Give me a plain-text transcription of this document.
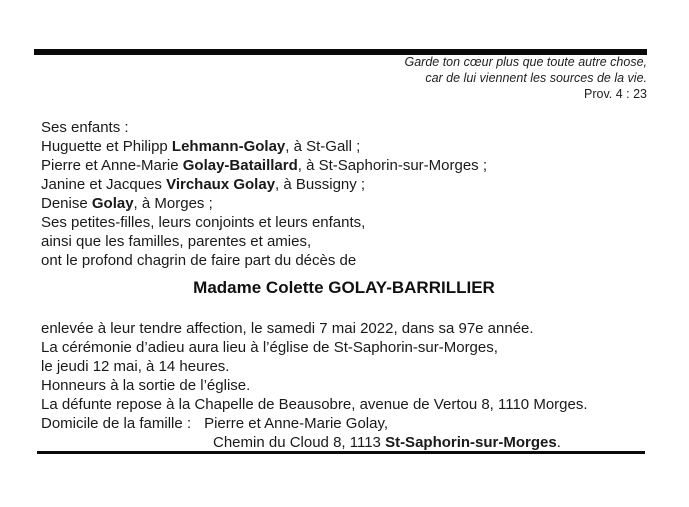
Garde ton cœur plus que toute autre chose,
car de lui viennent les sources de la vie.
Prov. 4 : 23
Ses enfants :
Huguette et Philipp Lehmann-Golay, à St-Gall ;
Pierre et Anne-Marie Golay-Bataillard, à St-Saphorin-sur-Morges ;
Janine et Jacques Virchaux Golay, à Bussigny ;
Denise Golay, à Morges ;
Ses petites-filles, leurs conjoints et leurs enfants,
ainsi que les familles, parentes et amies,
ont le profond chagrin de faire part du décès de
Madame Colette GOLAY-BARRILLIER
enlevée à leur tendre affection, le samedi 7 mai 2022, dans sa 97e année.
La cérémonie d’adieu aura lieu à l’église de St-Saphorin-sur-Morges,
le jeudi 12 mai, à 14 heures.
Honneurs à la sortie de l’église.
La défunte repose à la Chapelle de Beausobre, avenue de Vertou 8, 1110 Morges.
Domicile de la famille : Pierre et Anne-Marie Golay,
Chemin du Cloud 8, 1113 St-Saphorin-sur-Morges.
